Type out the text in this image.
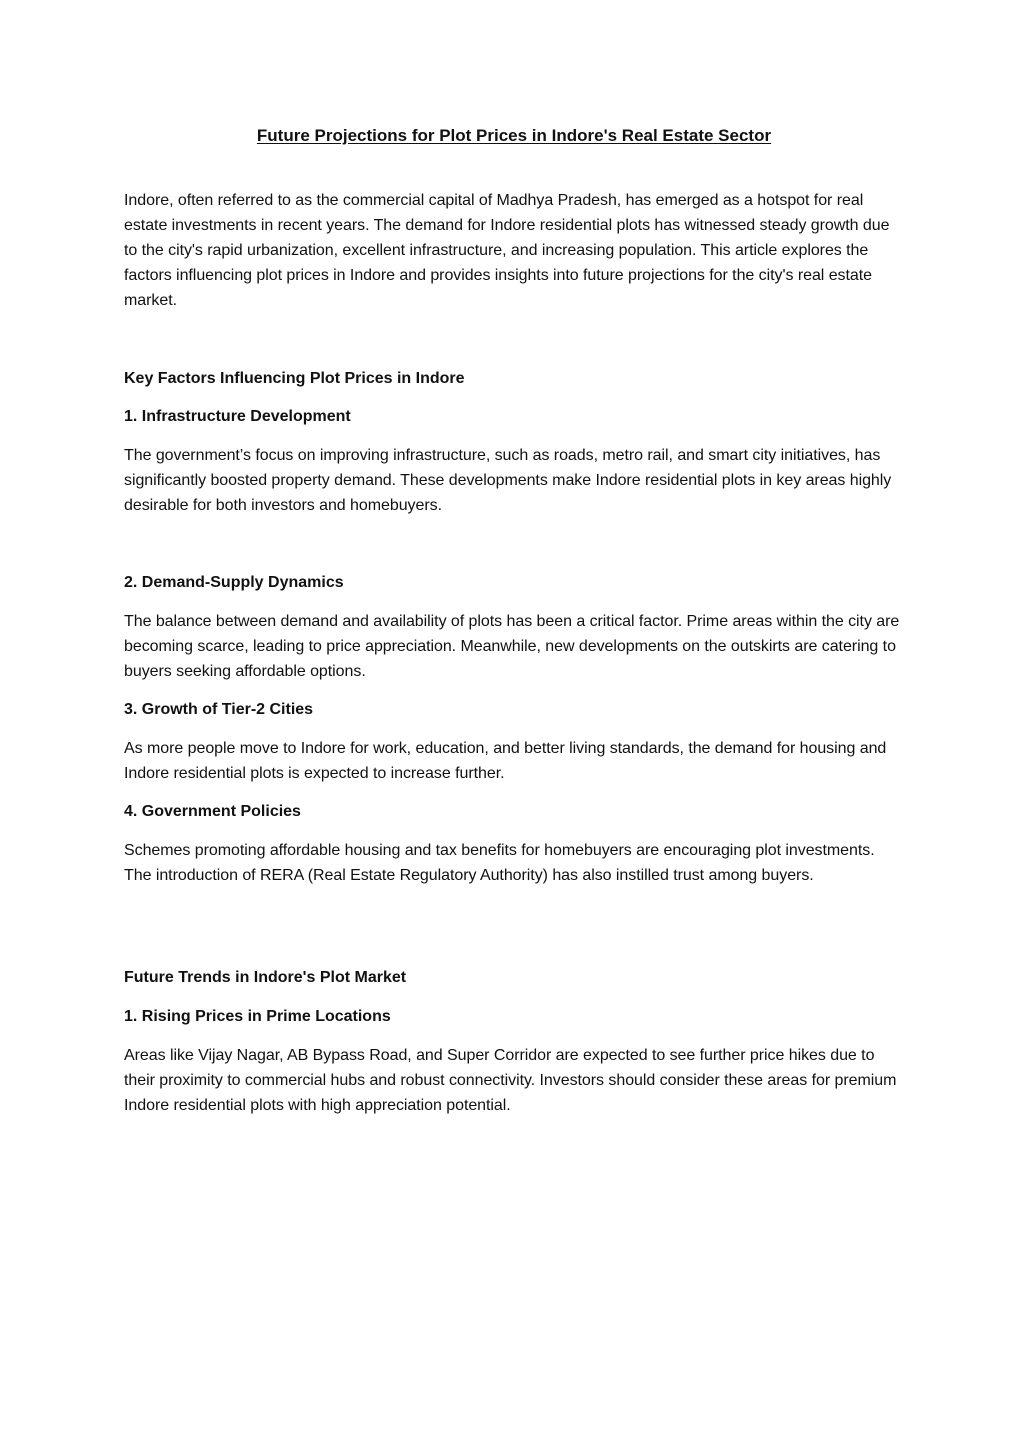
Future Projections for Plot Prices in Indore's Real Estate Sector

Indore, often referred to as the commercial capital of Madhya Pradesh, has emerged as a hotspot for real estate investments in recent years. The demand for Indore residential plots has witnessed steady growth due to the city's rapid urbanization, excellent infrastructure, and increasing population. This article explores the factors influencing plot prices in Indore and provides insights into future projections for the city's real estate market.

Key Factors Influencing Plot Prices in Indore
1. Infrastructure Development

The government’s focus on improving infrastructure, such as roads, metro rail, and smart city initiatives, has significantly boosted property demand. These developments make Indore residential plots in key areas highly desirable for both investors and homebuyers.

2. Demand-Supply Dynamics

The balance between demand and availability of plots has been a critical factor. Prime areas within the city are becoming scarce, leading to price appreciation. Meanwhile, new developments on the outskirts are catering to buyers seeking affordable options.

3. Growth of Tier-2 Cities

As more people move to Indore for work, education, and better living standards, the demand for housing and Indore residential plots is expected to increase further.

4. Government Policies

Schemes promoting affordable housing and tax benefits for homebuyers are encouraging plot investments. The introduction of RERA (Real Estate Regulatory Authority) has also instilled trust among buyers.

Future Trends in Indore's Plot Market
1. Rising Prices in Prime Locations

Areas like Vijay Nagar, AB Bypass Road, and Super Corridor are expected to see further price hikes due to their proximity to commercial hubs and robust connectivity. Investors should consider these areas for premium Indore residential plots with high appreciation potential.
